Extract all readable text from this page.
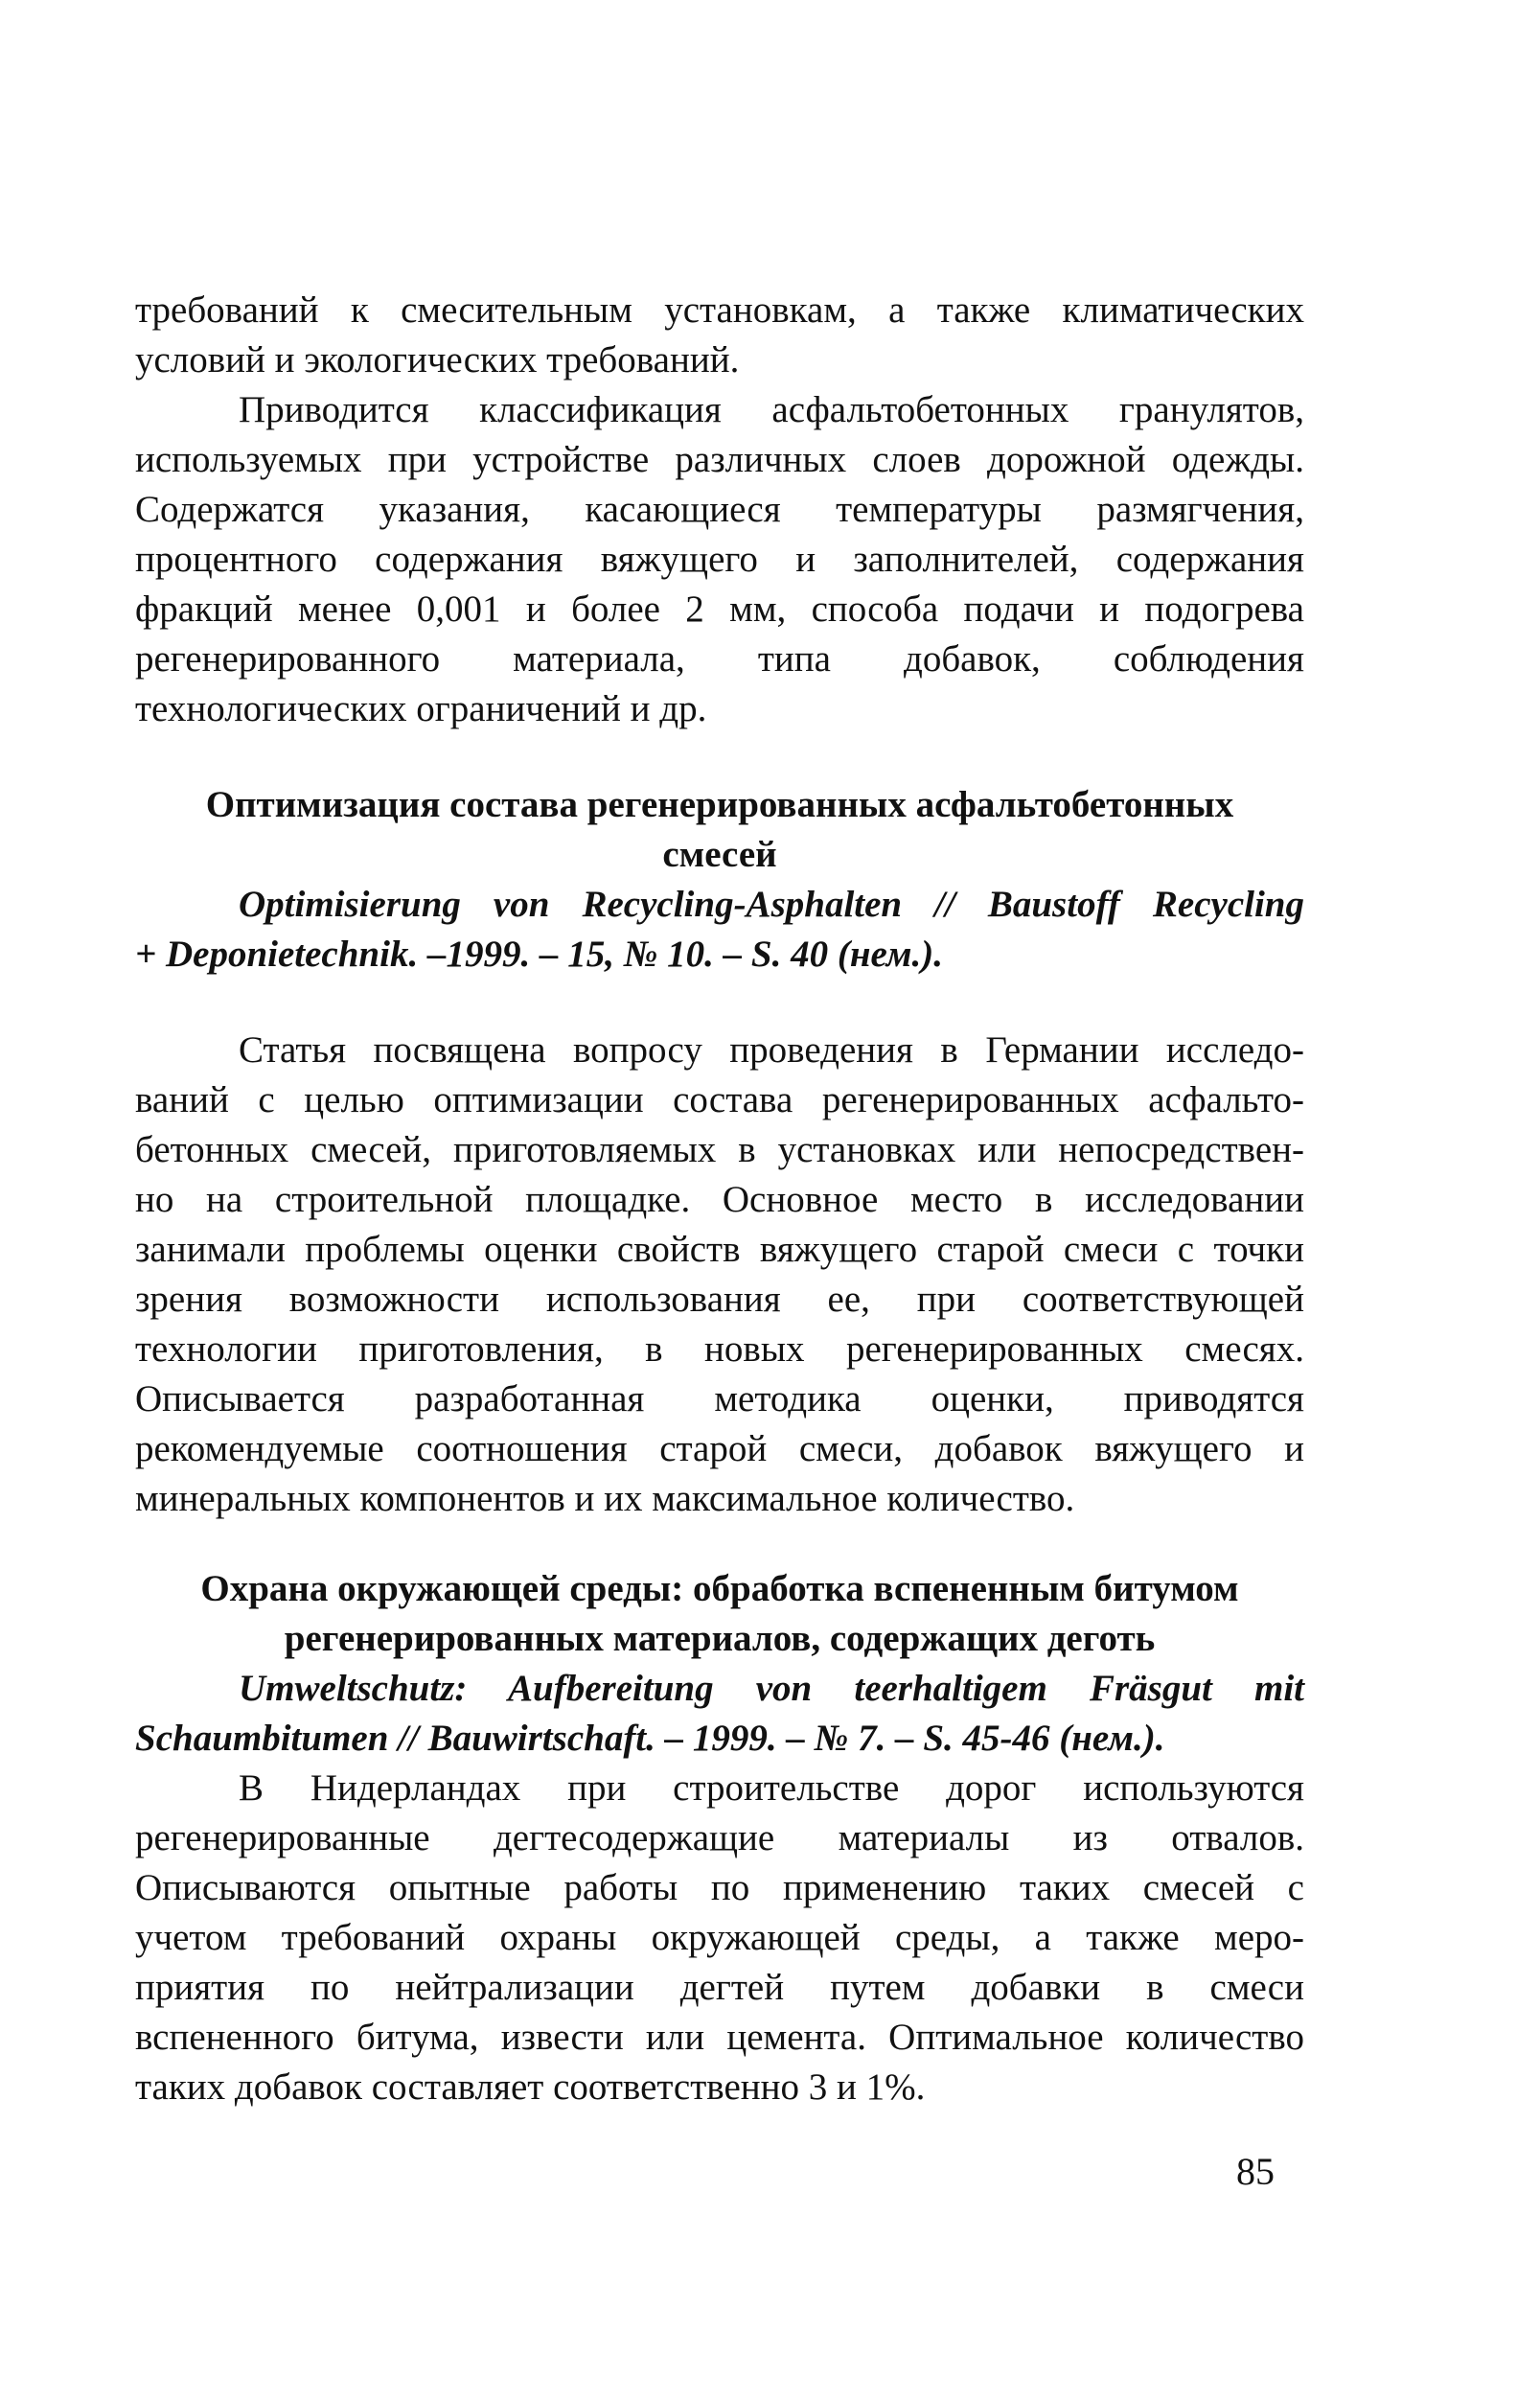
требований к смесительным установкам, а также климатических
условий и экологических требований.
Приводится классификация асфальтобетонных гранулятов,
используемых при устройстве различных слоев дорожной одежды.
Содержатся указания, касающиеся температуры размягчения,
процентного содержания вяжущего и заполнителей, содержания
фракций менее 0,001 и более 2 мм, способа подачи и подогрева
регенерированного материала, типа добавок, соблюдения
технологических ограничений и др.
Оптимизация состава регенерированных асфальтобетонных
смесей
Optimisierung von Recycling-Asphalten // Baustoff Recycling
+ Deponietechnik. –1999. – 15, № 10. – S. 40 (нем.).
Статья посвящена вопросу проведения в Германии исследо-
ваний с целью оптимизации состава регенерированных асфальто-
бетонных смесей, приготовляемых в установках или непосредствен-
но на строительной площадке. Основное место в исследовании
занимали проблемы оценки свойств вяжущего старой смеси с точки
зрения возможности использования ее, при соответствующей
технологии приготовления, в новых регенерированных смесях.
Описывается разработанная методика оценки, приводятся
рекомендуемые соотношения старой смеси, добавок вяжущего и
минеральных компонентов и их максимальное количество.
Охрана окружающей среды: обработка вспененным битумом
регенерированных материалов, содержащих деготь
Umweltschutz: Aufbereitung von teerhaltigem Fräsgut mit
Schaumbitumen // Bauwirtschaft. – 1999. – № 7. – S. 45-46 (нем.).
В Нидерландах при строительстве дорог используются
регенерированные дегтесодержащие материалы из отвалов.
Описываются опытные работы по применению таких смесей с
учетом требований охраны окружающей среды, а также меро-
приятия по нейтрализации дегтей путем добавки в смеси
вспененного битума, извести или цемента. Оптимальное количество
таких добавок составляет соответственно 3 и 1%.
85
